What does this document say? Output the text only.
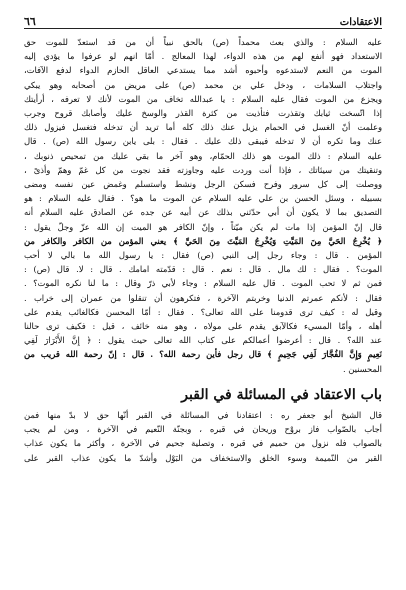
الاعتقادات
٦٦
عليه السلام : والذي بعث محمداً (ص) بالحق نبياً أن من قد استعدّ للموت حق
الاستعداد فهو أنفع لهم من هذه الدواء، لهذا المعالج . أمّا انهم لو عرفوا ما يؤدي إليه
الموت من النعم لاستدعوه وأحبوه أشد مما يستدعي العاقل الحازم الدواء لدفع الآفات،
واجتلاب السلامات ، ودخل علي بن محمد (ص) على مريض من أصحابه وهو يبكي
ويجزع من الموت فقال عليه السلام : يا عبدالله تخاف من الموت لأنك لا تعرفه ، أرأيتك
إذا اتّسخت ثيابك وتقذرت فتأذيت من كثرة القذر والوسخ عليك وأصابك قروح وجرب
وعلمت أنّ الغسل في الحمام يزيل عنك ذلك كله أما تريد أن تدخله فتغسل فيزول ذلك
عنك وما تكره أن لا تدخله فيبقى ذلك عليك . فقال : بلى يابن رسول الله (ص) . قال
عليه السلام : ذلك الموت هو ذلك الحمّام، وهو آخر ما بقي عليك من تمحيص ذنوبك ،
وتنقيتك من سيئاتك ، فإذا أنت وردت عليه وجاوزته فقد نجوت من كل غمّ وهمّ وأذىً ،
ووصلت إلى كل سرور وفرح فسكن الرجل ونشط واستسلم وغمض عين نفسه ومضى
بسبيله ، وسئل الحسن بن علي عليه السلام عن الموت ما هو؟ . فقال عليه السلام : هو
التصديق بما لا يكون أن أبي حدّثني بذلك عن أبيه عن جده عن الصادق عليه السلام أنه
قال إنّ المؤمن إذا مات لم يكن ميّتاً ، وإنّ الكافر هو الميت إن الله عزّ وجلّ يقول :
﴿ يُخْرِجُ الحَيَّ مِنَ المَيِّتِ وَيُخْرِجُ المَيِّتَ مِنَ الحَيِّ ﴾ يعني المؤمن من الكافر والكافر من
المؤمن . قال : وجاء رجل إلى النبي (ص) فقال : يا رسول الله ما بالي لا أحب
الموت؟ . فقال : لك مال . قال : نعم . قال : قدّمته امامك . قال : لا. قال (ص) :
فمن ثم لا تحب الموت . قال عليه السلام : وجاء لأبي ذرّ وقال : ما لنا نكره الموت؟ .
فقال : لأنكم عمرتم الدنيا وخربتم الآخرة ، فتكرهون أن تنقلوا من عمران إلى خراب .
وقيل له : كيف ترى قدومنا على الله تعالى؟ . فقال : أمّا المحسن فكالغائب يقدم على
أهله ، وأمّا المسيء فكالآبق يقدم على مولاه ، وهو منه خائف ، قيل : فكيف ترى حالنا
عند الله؟ . قال : أعرضوا أعمالكم على كتاب الله تعالى حيث يقول : ﴿ إِنَّ الأَبْرَارَ لَفِي
نَعِيمٍ وَإِنَّ الفُجَّارَ لَفِي جَحِيمٍ ﴾ قال رجل فأين رحمة الله؟ . قال : إنّ رحمة الله قريب من
المحسنين .
باب الاعتقاد في المسائلة في القبر
قال الشيخ أبو جعفر ره : اعتقادنا في المسائلة في القبر أنّها حق لا بدّ منها فمن
أجاب بالصّواب فاز بروْح وريحان في قبره ، وبجنّة النّعيم في الآخرة ، ومن لم يجب
بالصواب فله نزول من حميم في قبره ، وتصلية جحيم في الآخرة ، وأكثر ما يكون عذاب
القبر من النّميمة وسوء الخلق والاستخفاف من البَوْل وأشدّ ما يكون عذاب القبر على
